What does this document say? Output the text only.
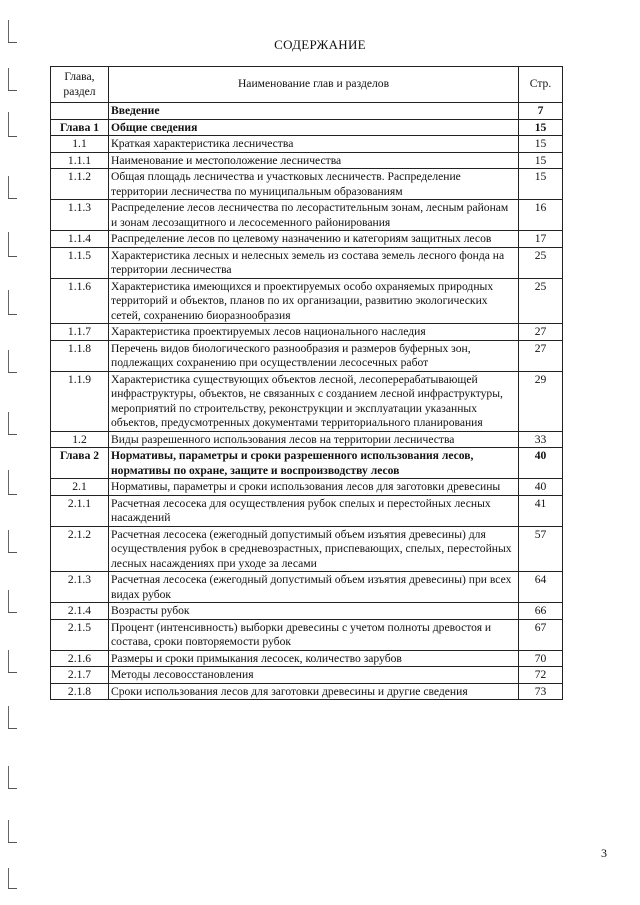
СОДЕРЖАНИЕ
Глава, раздел	Наименование глав и разделов	Стр.
	Введение	7
Глава 1	Общие сведения	15
1.1	Краткая характеристика лесничества	15
1.1.1	Наименование и местоположение лесничества	15
1.1.2	Общая площадь лесничества и участковых лесничеств. Распределение территории лесничества по муниципальным образованиям	15
1.1.3	Распределение лесов лесничества по лесорастительным зонам, лесным районам и зонам лесозащитного и лесосеменного районирования	16
1.1.4	Распределение лесов по целевому назначению и категориям защитных лесов	17
1.1.5	Характеристика лесных и нелесных земель из состава земель лесного фонда на территории лесничества	25
1.1.6	Характеристика имеющихся и проектируемых особо охраняемых природных территорий и объектов, планов по их организации, развитию экологических сетей, сохранению биоразнообразия	25
1.1.7	Характеристика проектируемых лесов национального наследия	27
1.1.8	Перечень видов биологического разнообразия и размеров буферных зон, подлежащих сохранению при осуществлении лесосечных работ	27
1.1.9	Характеристика существующих объектов лесной, лесоперерабатывающей инфраструктуры, объектов, не связанных с созданием лесной инфраструктуры, мероприятий по строительству, реконструкции и эксплуатации указанных объектов, предусмотренных документами территориального планирования	29
1.2	Виды разрешенного использования лесов на территории лесничества	33
Глава 2	Нормативы, параметры и сроки разрешенного использования лесов, нормативы по охране, защите и воспроизводству лесов	40
2.1	Нормативы, параметры и сроки использования лесов для заготовки древесины	40
2.1.1	Расчетная лесосека для осуществления рубок спелых и перестойных лесных насаждений	41
2.1.2	Расчетная лесосека (ежегодный допустимый объем изъятия древесины) для осуществления рубок в средневозрастных, приспевающих, спелых, перестойных лесных насаждениях при уходе за лесами	57
2.1.3	Расчетная лесосека (ежегодный допустимый объем изъятия древесины) при всех видах рубок	64
2.1.4	Возрасты рубок	66
2.1.5	Процент (интенсивность) выборки древесины с учетом полноты древостоя и состава, сроки повторяемости рубок	67
2.1.6	Размеры и сроки примыкания лесосек, количество зарубов	70
2.1.7	Методы лесовосстановления	72
2.1.8	Сроки использования лесов для заготовки древесины и другие сведения	73
3
